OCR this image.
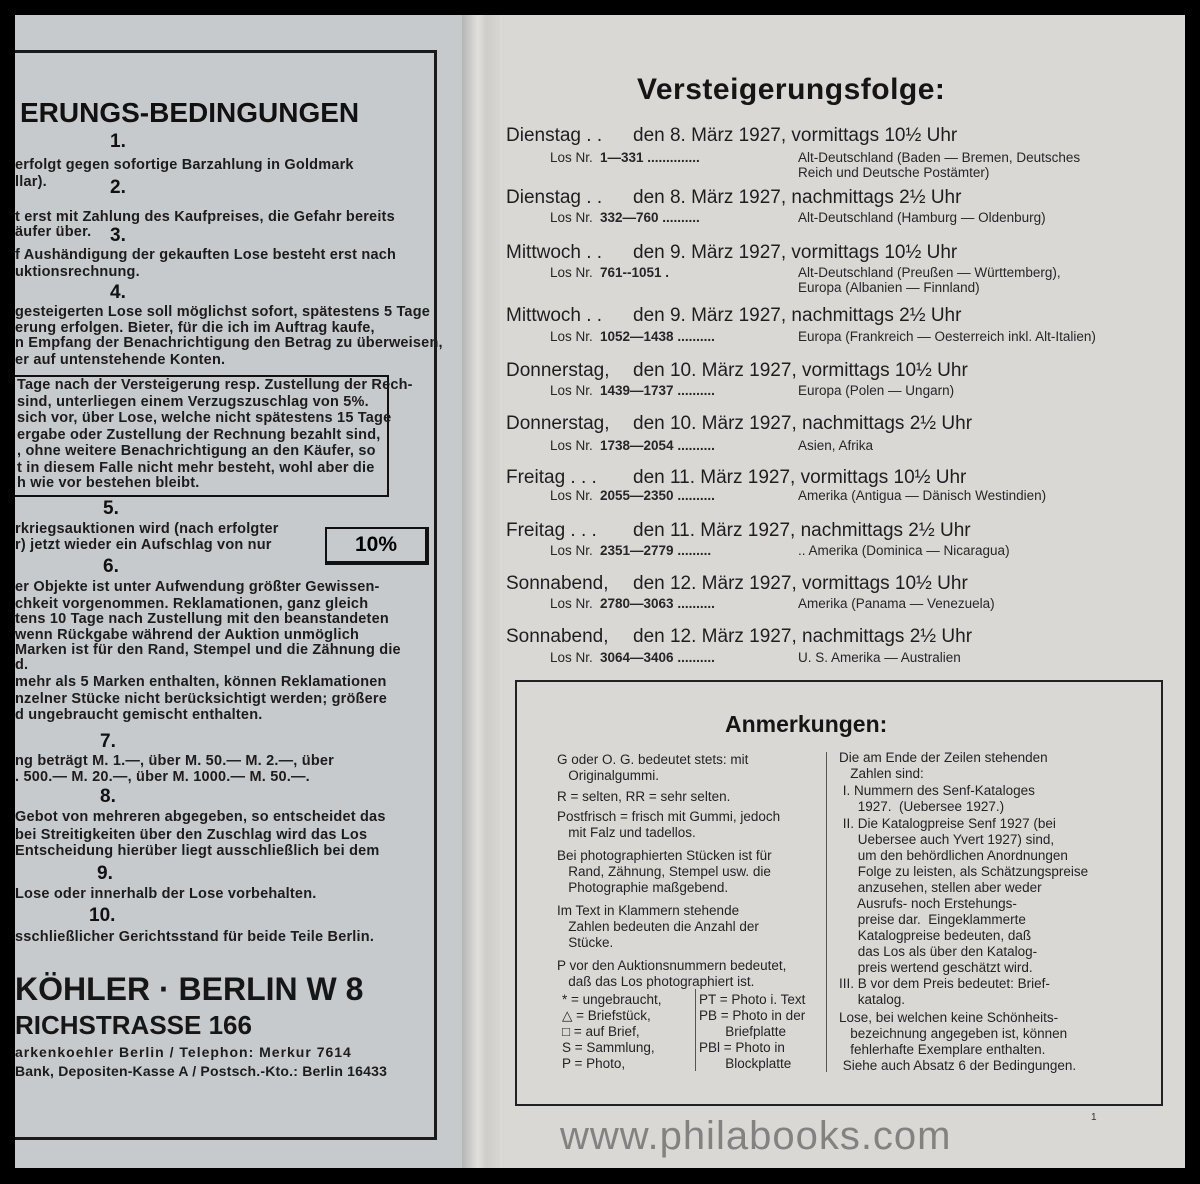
ERUNGS-BEDINGUNGEN
10%
1.
2.
3.
4.
5.
6.
7.
8.
9.
10.
erfolgt gegen sofortige Barzahlung in Goldmark
llar).
t erst mit Zahlung des Kaufpreises, die Gefahr bereits
äufer über.
f Aushändigung der gekauften Lose besteht erst nach
uktionsrechnung.
gesteigerten Lose soll möglichst sofort, spätestens 5 Tage
erung erfolgen. Bieter, für die ich im Auftrag kaufe,
n Empfang der Benachrichtigung den Betrag zu überweisen,
er auf untenstehende Konten.
Tage nach der Versteigerung resp. Zustellung der Rech-
sind, unterliegen einem Verzugszuschlag von 5%.
sich vor, über Lose, welche nicht spätestens 15 Tage
ergabe oder Zustellung der Rechnung bezahlt sind,
, ohne weitere Benachrichtigung an den Käufer, so
t in diesem Falle nicht mehr besteht, wohl aber die
h wie vor bestehen bleibt.
rkriegsauktionen wird (nach erfolgter
r) jetzt wieder ein Aufschlag von nur
er Objekte ist unter Aufwendung größter Gewissen-
chkeit vorgenommen. Reklamationen, ganz gleich
tens 10 Tage nach Zustellung mit den beanstandeten
wenn Rückgabe während der Auktion unmöglich
Marken ist für den Rand, Stempel und die Zähnung die
d.
mehr als 5 Marken enthalten, können Reklamationen
nzelner Stücke nicht berücksichtigt werden; größere
d ungebraucht gemischt enthalten.
ng beträgt M. 1.—, über M. 50.— M. 2.—, über
. 500.— M. 20.—, über M. 1000.— M. 50.—.
Gebot von mehreren abgegeben, so entscheidet das
bei Streitigkeiten über den Zuschlag wird das Los
Entscheidung hierüber liegt ausschließlich bei dem
Lose oder innerhalb der Lose vorbehalten.
sschließlicher Gerichtsstand für beide Teile Berlin.
KÖHLER · BERLIN W 8
RICHSTRASSE 166
arkenkoehler Berlin / Telephon: Merkur 7614
Bank, Depositen-Kasse A / Postsch.-Kto.: Berlin 16433
Versteigerungsfolge:
Dienstag . . den 8. März 1927, vormittags 10½ Uhr
Los Nr. 1—331 ..............	Alt-Deutschland (Baden — Bremen, Deutsches
Reich und Deutsche Postämter)
Dienstag . . den 8. März 1927, nachmittags 2½ Uhr
Los Nr. 332—760 ..........	Alt-Deutschland (Hamburg — Oldenburg)
Mittwoch . . den 9. März 1927, vormittags 10½ Uhr
Los Nr. 761--1051 .	Alt-Deutschland (Preußen — Württemberg),
Europa (Albanien — Finnland)
Mittwoch . . den 9. März 1927, nachmittags 2½ Uhr
Los Nr. 1052—1438 ..........	Europa (Frankreich — Oesterreich inkl. Alt-Italien)
Donnerstag, den 10. März 1927, vormittags 10½ Uhr
Los Nr. 1439—1737 ..........	Europa (Polen — Ungarn)
Donnerstag, den 10. März 1927, nachmittags 2½ Uhr
Los Nr. 1738—2054 ..........	Asien, Afrika
Freitag . . . den 11. März 1927, vormittags 10½ Uhr
Los Nr. 2055—2350 ..........	Amerika (Antigua — Dänisch Westindien)
Freitag . . . den 11. März 1927, nachmittags 2½ Uhr
Los Nr. 2351—2779 .........	.. Amerika (Dominica — Nicaragua)
Sonnabend, den 12. März 1927, vormittags 10½ Uhr
Los Nr. 2780—3063 ..........	Amerika (Panama — Venezuela)
Sonnabend, den 12. März 1927, nachmittags 2½ Uhr
Los Nr. 3064—3406 ..........	U. S. Amerika — Australien
Anmerkungen:
G oder O. G. bedeutet stets: mit
Originalgummi.
R = selten, RR = sehr selten.
Postfrisch = frisch mit Gummi, jedoch
mit Falz und tadellos.
Bei photographierten Stücken ist für
Rand, Zähnung, Stempel usw. die
Photographie maßgebend.
Im Text in Klammern stehende
Zahlen bedeuten die Anzahl der
Stücke.
P vor den Auktionsnummern bedeutet,
daß das Los photographiert ist.
* = ungebraucht,	PT = Photo i. Text
△ = Briefstück,	PB = Photo in der
□ = auf Brief,	Briefplatte
S = Sammlung,	PBl = Photo in
P = Photo,	Blockplatte
Die am Ende der Zeilen stehenden
Zahlen sind:
I. Nummern des Senf-Kataloges
1927.  (Uebersee 1927.)
II. Die Katalogpreise Senf 1927 (bei
Uebersee auch Yvert 1927) sind,
um den behördlichen Anordnungen
Folge zu leisten, als Schätzungspreise
anzusehen, stellen aber weder
Ausrufs- noch Erstehungs-
preise dar.  Eingeklammerte
Katalogpreise bedeuten, daß
das Los als über den Katalog-
preis wertend geschätzt wird.
III. B vor dem Preis bedeutet: Brief-
katalog.
Lose, bei welchen keine Schönheits-
bezeichnung angegeben ist, können
fehlerhafte Exemplare enthalten.
Siehe auch Absatz 6 der Bedingungen.
1
www.philabooks.com
